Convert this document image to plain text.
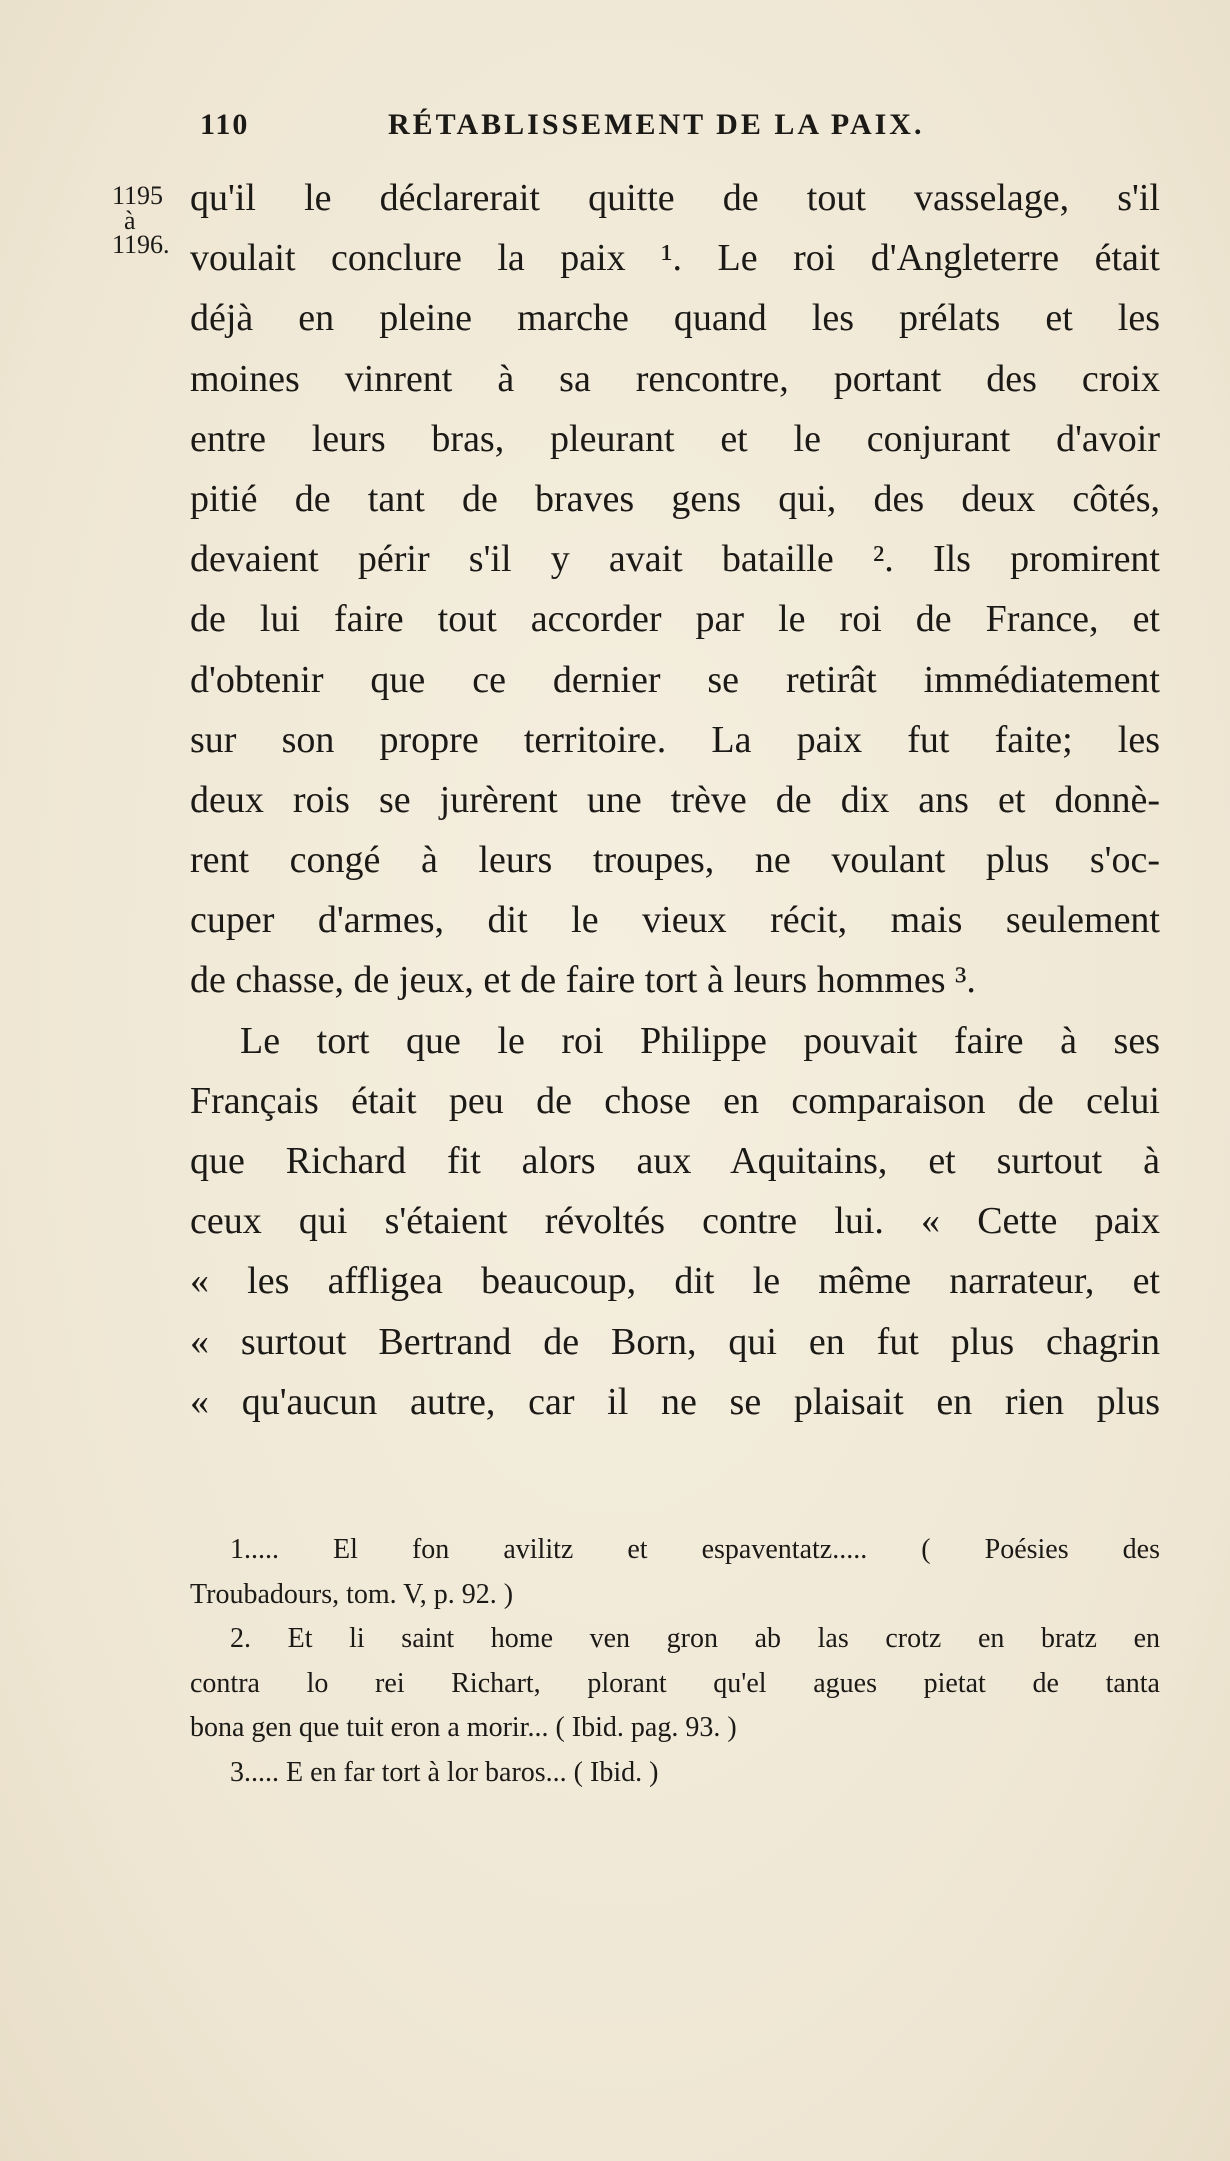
110	RÉTABLISSEMENT DE LA PAIX.
1195
à
1196.
qu'il le déclarerait quitte de tout vasselage, s'il
voulait conclure la paix ¹. Le roi d'Angleterre était
déjà en pleine marche quand les prélats et les
moines vinrent à sa rencontre, portant des croix
entre leurs bras, pleurant et le conjurant d'avoir
pitié de tant de braves gens qui, des deux côtés,
devaient périr s'il y avait bataille ². Ils promirent
de lui faire tout accorder par le roi de France, et
d'obtenir que ce dernier se retirât immédiatement
sur son propre territoire. La paix fut faite; les
deux rois se jurèrent une trève de dix ans et donnè-
rent congé à leurs troupes, ne voulant plus s'oc-
cuper d'armes, dit le vieux récit, mais seulement
de chasse, de jeux, et de faire tort à leurs hommes ³.
Le tort que le roi Philippe pouvait faire à ses
Français était peu de chose en comparaison de celui
que Richard fit alors aux Aquitains, et surtout à
ceux qui s'étaient révoltés contre lui. « Cette paix
« les affligea beaucoup, dit le même narrateur, et
« surtout Bertrand de Born, qui en fut plus chagrin
« qu'aucun autre, car il ne se plaisait en rien plus
1..... El fon avilitz et espaventatz..... ( Poésies des
Troubadours, tom. V, p. 92. )
2. Et li saint home ven gron ab las crotz en bratz en
contra lo rei Richart, plorant qu'el agues pietat de tanta
bona gen que tuit eron a morir... ( Ibid. pag. 93. )
3..... E en far tort à lor baros... ( Ibid. )
